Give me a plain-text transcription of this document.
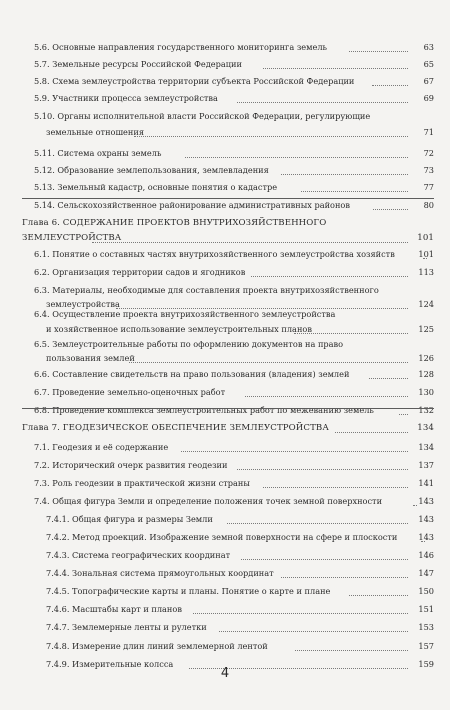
5.6. Основные направления государственного мониторинга земель	63
5.7. Земельные ресурсы Российской Федерации	65
5.8. Схема землеустройства территории субъекта Российской Федерации	67
5.9. Участники процесса землеустройства	69
5.10. Органы исполнительной власти Российской Федерации, регулирующие
земельные отношения	71
5.11. Система охраны земель	72
5.12. Образование землепользования, землевладения	73
5.13. Земельный кадастр, основные понятия о кадастре	77
5.14. Сельскохозяйственное районирование административных районов	80
Глава 6. СОДЕРЖАНИЕ ПРОЕКТОВ ВНУТРИХОЗЯЙСТВЕННОГО
ЗЕМЛЕУСТРОЙСТВА	101
6.1. Понятие о составных частях внутрихозяйственного землеустройства хозяйств	101
6.2. Организация территории садов и ягодников	113
6.3. Материалы, необходимые для составления проекта внутрихозяйственного
землеустройства	124
6.4. Осуществление проекта внутрихозяйственного землеустройства
и хозяйственное использование землеустроительных планов	125
6.5. Землеустроительные работы по оформлению документов на право
пользования землей	126
6.6. Составление свидетельств на право пользования (владения) землей	128
6.7. Проведение земельно-оценочных работ	130
6.8. Проведение комплекса землеустроительных работ по межеванию земель	132
Глава 7. ГЕОДЕЗИЧЕСКОЕ ОБЕСПЕЧЕНИЕ ЗЕМЛЕУСТРОЙСТВА	134
7.1. Геодезия и её содержание	134
7.2. Исторический очерк развития геодезии	137
7.3. Роль геодезии в практической жизни страны	141
7.4. Общая фигура Земли и определение положения точек земной поверхности	143
7.4.1. Общая фигура и размеры Земли	143
7.4.2. Метод проекций. Изображение земной поверхности на сфере и плоскости	143
7.4.3. Система географических координат	146
7.4.4. Зональная система прямоугольных координат	147
7.4.5. Топографические карты и планы. Понятие о карте и плане	150
7.4.6. Масштабы карт и планов	151
7.4.7. Землемерные ленты и рулетки	153
7.4.8. Измерение длин линий землемерной лентой	157
7.4.9. Измерительные колсса	159
4
